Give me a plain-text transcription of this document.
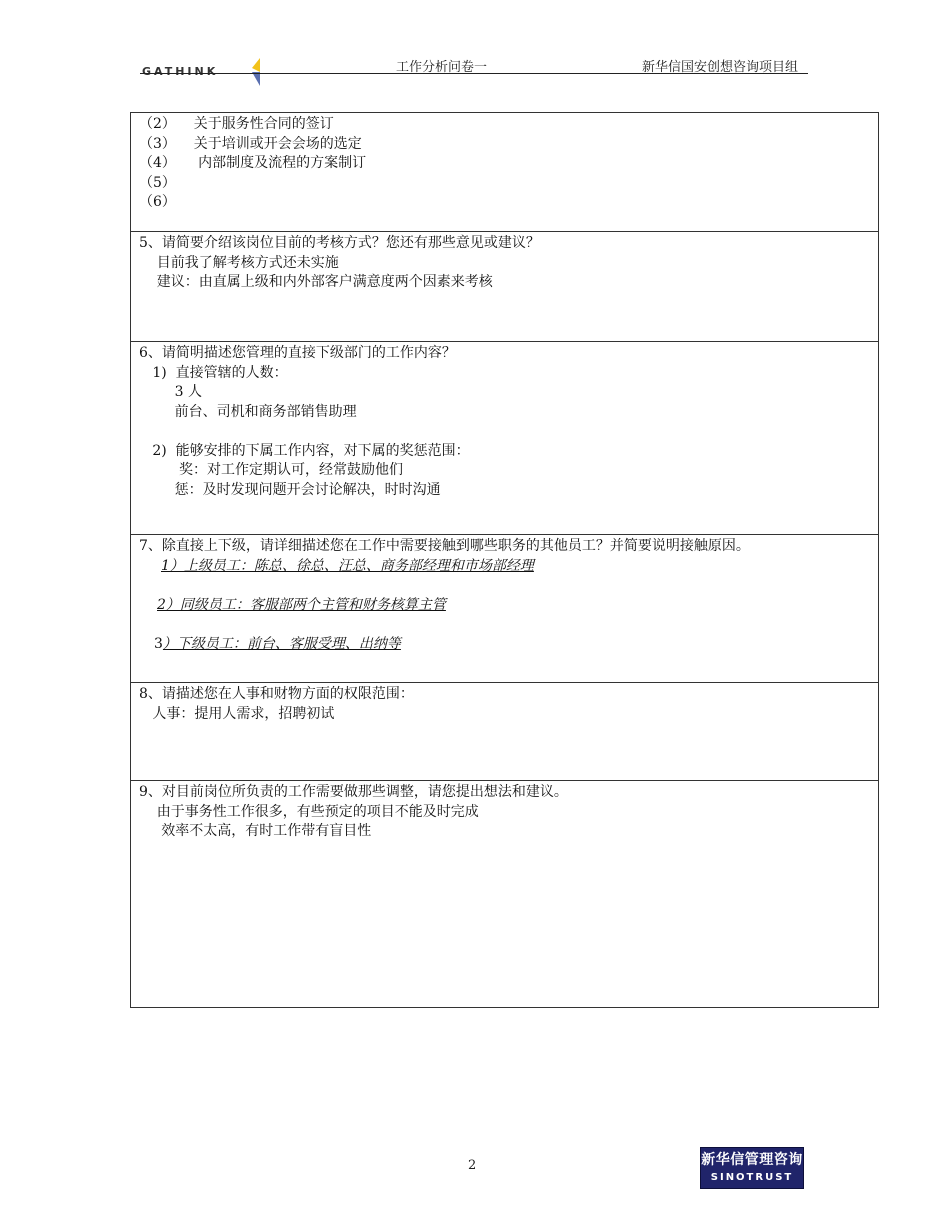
GATHINK	工作分析问卷一	新华信国安创想咨询项目组
（2）    关于服务性合同的签订
（3）    关于培训或开会会场的选定
（4）     内部制度及流程的方案制订
（5）
（6）

5、请简要介绍该岗位目前的考核方式？您还有那些意见或建议？
目前我了解考核方式还未实施
建议：由直属上级和内外部客户满意度两个因素来考核

6、请简明描述您管理的直接下级部门的工作内容？
1)  直接管辖的人数：
3 人
前台、司机和商务部销售助理
2)  能够安排的下属工作内容，对下属的奖惩范围：
奖：对工作定期认可，经常鼓励他们
惩：及时发现问题开会讨论解决，时时沟通

7、除直接上下级，请详细描述您在工作中需要接触到哪些职务的其他员工？并简要说明接触原因。
1）上级员工：陈总、徐总、汪总、商务部经理和市场部经理
2）同级员工：客服部两个主管和财务核算主管
3）下级员工：前台、客服受理、出纳等

8、请描述您在人事和财物方面的权限范围：
人事：提用人需求，招聘初试

9、对目前岗位所负责的工作需要做那些调整，请您提出想法和建议。
由于事务性工作很多，有些预定的项目不能及时完成
效率不太高，有时工作带有盲目性
2	新华信管理咨询
SINOTRUST
